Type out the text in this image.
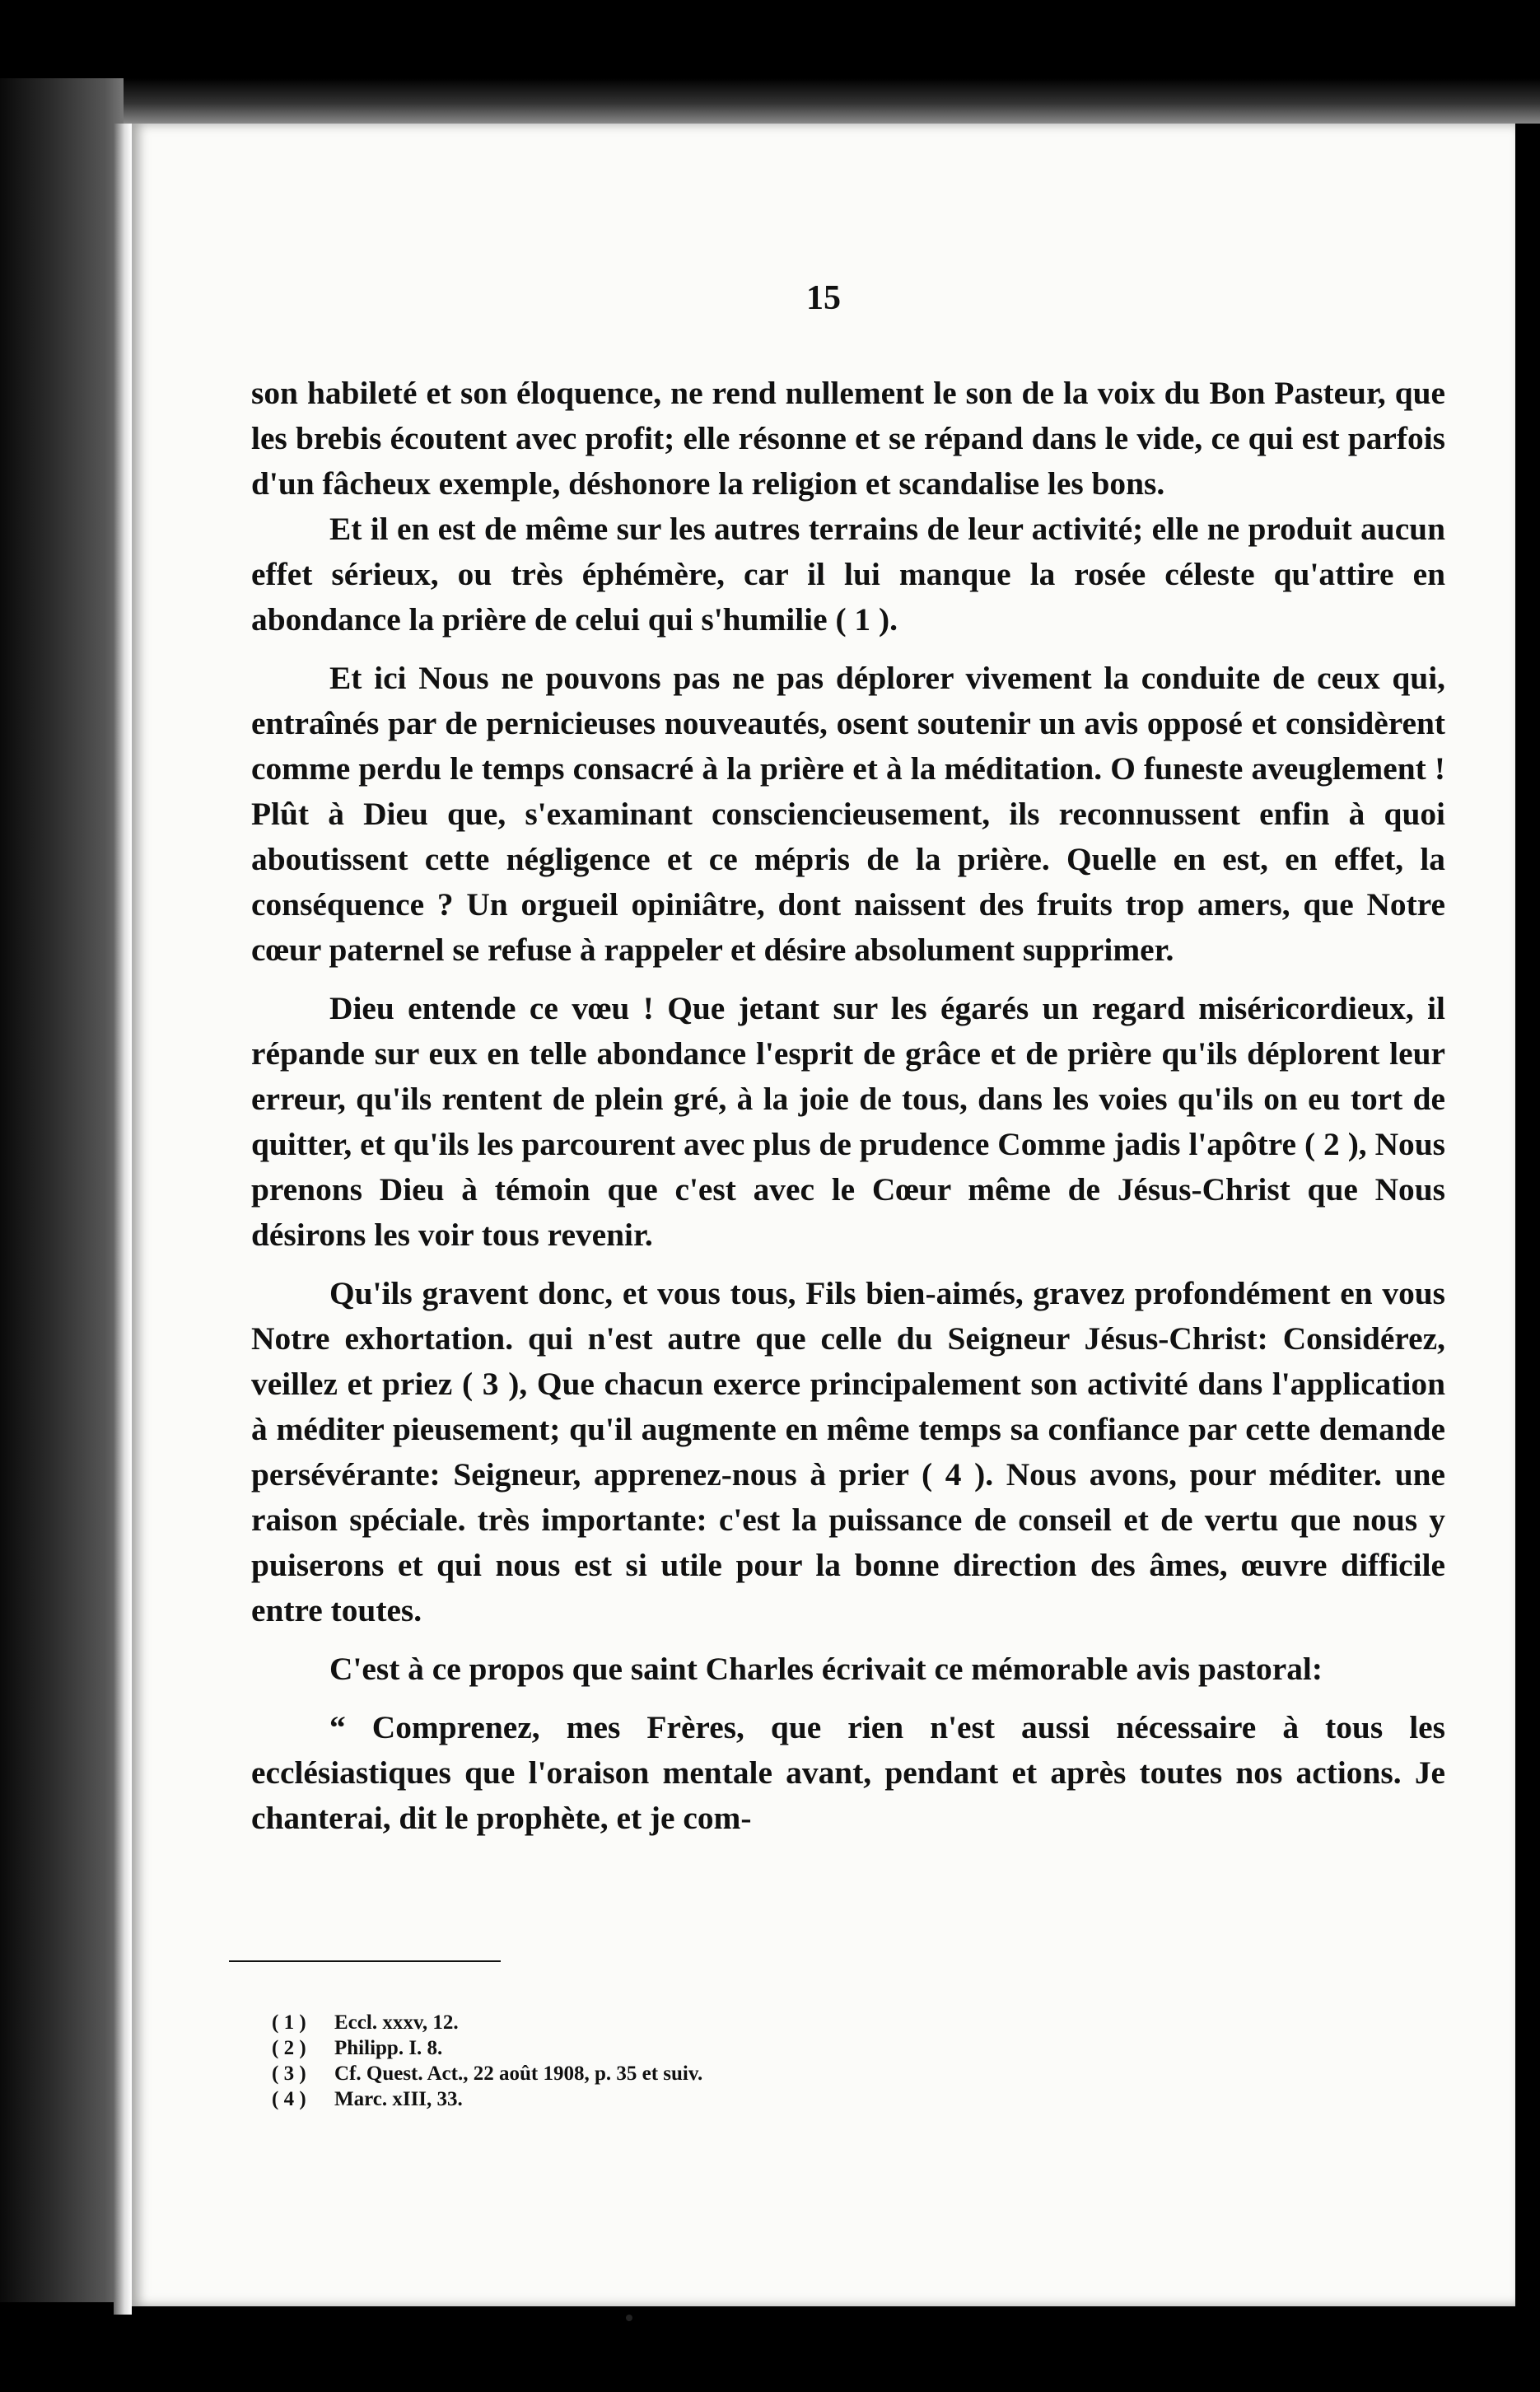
15

son habileté et son éloquence, ne rend nullement le son de la voix du Bon Pasteur, que les brebis écoutent avec profit; elle résonne et se répand dans le vide, ce qui est parfois d'un fâcheux exemple, déshonore la religion et scandalise les bons.

Et il en est de même sur les autres terrains de leur activité; elle ne produit aucun effet sérieux, ou très éphémère, car il lui manque la rosée céleste qu'attire en abondance la prière de celui qui s'humilie ( 1 ).

Et ici Nous ne pouvons pas ne pas déplorer vivement la conduite de ceux qui, entraînés par de pernicieuses nouveautés, osent soutenir un avis opposé et considèrent comme perdu le temps consacré à la prière et à la méditation. O funeste aveuglement ! Plût à Dieu que, s'examinant consciencieusement, ils reconnussent enfin à quoi aboutissent cette négligence et ce mépris de la prière. Quelle en est, en effet, la conséquence ? Un orgueil opiniâtre, dont naissent des fruits trop amers, que Notre cœur paternel se refuse à rappeler et désire absolument supprimer.

Dieu entende ce vœu ! Que jetant sur les égarés un regard miséricordieux, il répande sur eux en telle abondance l'esprit de grâce et de prière qu'ils déplorent leur erreur, qu'ils rentent de plein gré, à la joie de tous, dans les voies qu'ils on eu tort de quitter, et qu'ils les parcourent avec plus de prudence Comme jadis l'apôtre ( 2 ), Nous prenons Dieu à témoin que c'est avec le Cœur même de Jésus-Christ que Nous désirons les voir tous revenir.

Qu'ils gravent donc, et vous tous, Fils bien-aimés, gravez profondément en vous Notre exhortation. qui n'est autre que celle du Seigneur Jésus-Christ: Considérez, veillez et priez ( 3 ), Que chacun exerce principalement son activité dans l'application à méditer pieusement; qu'il augmente en même temps sa confiance par cette demande persévérante: Seigneur, apprenez-nous à prier ( 4 ). Nous avons, pour méditer. une raison spéciale. très importante: c'est la puissance de conseil et de vertu que nous y puiserons et qui nous est si utile pour la bonne direction des âmes, œuvre difficile entre toutes.

C'est à ce propos que saint Charles écrivait ce mémorable avis pastoral:

“ Comprenez, mes Frères, que rien n'est aussi nécessaire à tous les ecclésiastiques que l'oraison mentale avant, pendant et après toutes nos actions. Je chanterai, dit le prophète, et je com-

( 1 )	Eccl. xxxv, 12.
( 2 )	Philipp. I. 8.
( 3 )	Cf. Quest. Act., 22 août 1908, p. 35 et suiv.
( 4 )	Marc. xIII, 33.
